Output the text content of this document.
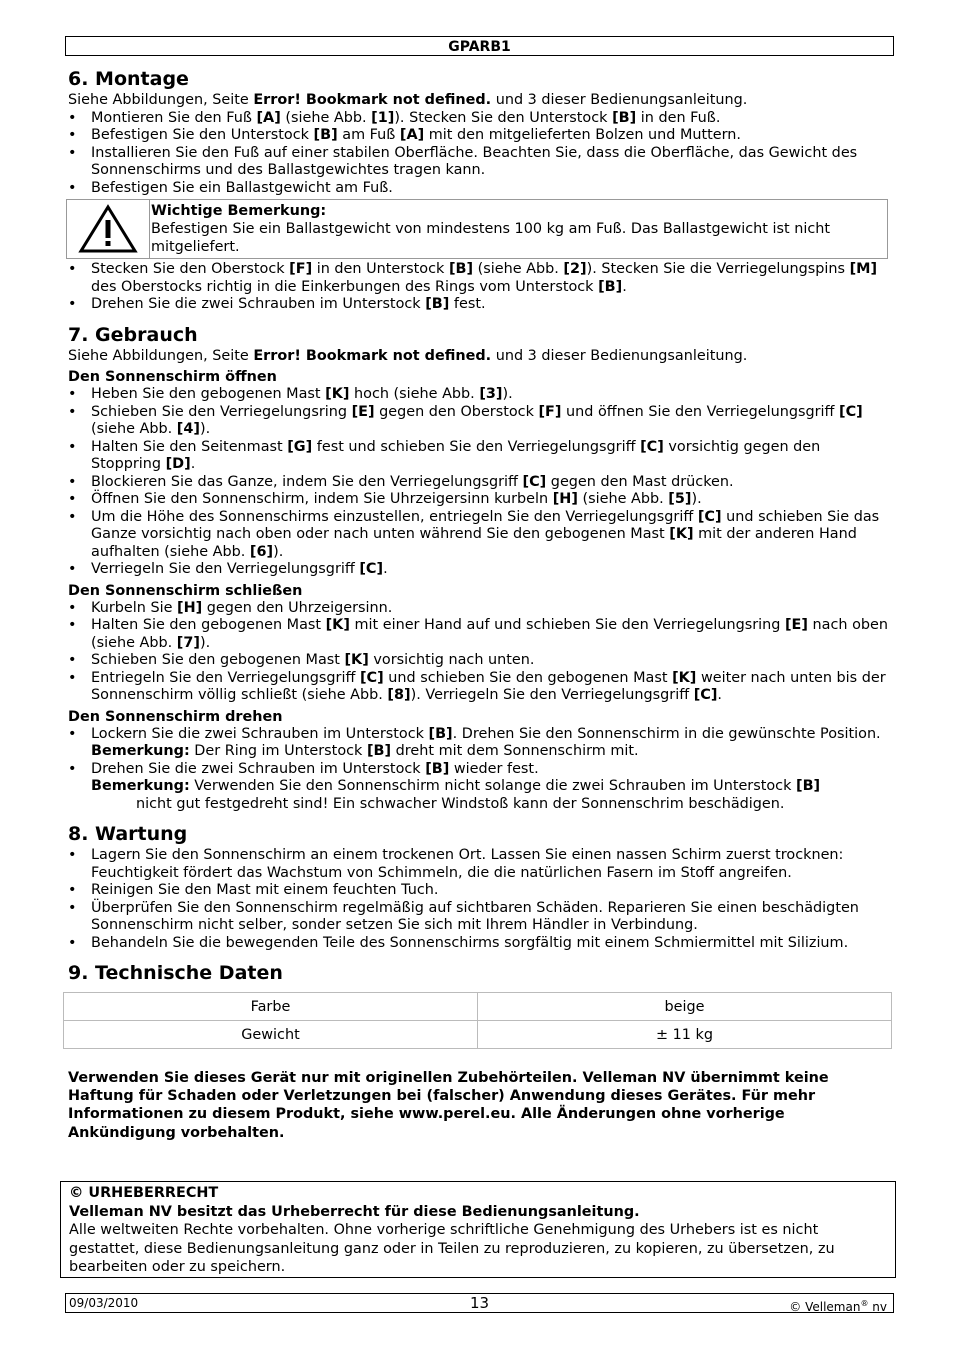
GPARB1
6. Montage

Siehe Abbildungen, Seite Error! Bookmark not defined. und 3 dieser Bedienungsanleitung.

• Montieren Sie den Fuß [A] (siehe Abb. [1]). Stecken Sie den Unterstock [B] in den Fuß.
• Befestigen Sie den Unterstock [B] am Fuß [A] mit den mitgelieferten Bolzen und Muttern.
• Installieren Sie den Fuß auf einer stabilen Oberfläche. Beachten Sie, dass die Oberfläche, das Gewicht des Sonnenschirms und des Ballastgewichtes tragen kann.
• Befestigen Sie ein Ballastgewicht am Fuß.

Wichtige Bemerkung:

Befestigen Sie ein Ballastgewicht von mindestens 100 kg am Fuß. Das Ballastgewicht ist nicht mitgeliefert.

• Stecken Sie den Oberstock [F] in den Unterstock [B] (siehe Abb. [2]). Stecken Sie die Verriegelungspins [M] des Oberstocks richtig in die Einkerbungen des Rings vom Unterstock [B].
• Drehen Sie die zwei Schrauben im Unterstock [B] fest.
7. Gebrauch

Siehe Abbildungen, Seite Error! Bookmark not defined. und 3 dieser Bedienungsanleitung.

Den Sonnenschirm öffnen

• Heben Sie den gebogenen Mast [K] hoch (siehe Abb. [3]).
• Schieben Sie den Verriegelungsring [E] gegen den Oberstock [F] und öffnen Sie den Verriegelungsgriff [C] (siehe Abb. [4]).
• Halten Sie den Seitenmast [G] fest und schieben Sie den Verriegelungsgriff [C] vorsichtig gegen den Stoppring [D].
• Blockieren Sie das Ganze, indem Sie den Verriegelungsgriff [C] gegen den Mast drücken.
• Öffnen Sie den Sonnenschirm, indem Sie Uhrzeigersinn kurbeln [H] (siehe Abb. [5]).
• Um die Höhe des Sonnenschirms einzustellen, entriegeln Sie den Verriegelungsgriff [C] und schieben Sie das Ganze vorsichtig nach oben oder nach unten während Sie den gebogenen Mast [K] mit der anderen Hand aufhalten (siehe Abb. [6]).
• Verriegeln Sie den Verriegelungsgriff [C].

Den Sonnenschirm schließen

• Kurbeln Sie [H] gegen den Uhrzeigersinn.
• Halten Sie den gebogenen Mast [K] mit einer Hand auf und schieben Sie den Verriegelungsring [E] nach oben (siehe Abb. [7]).
• Schieben Sie den gebogenen Mast [K] vorsichtig nach unten.
• Entriegeln Sie den Verriegelungsgriff [C] und schieben Sie den gebogenen Mast [K] weiter nach unten bis der Sonnenschirm völlig schließt (siehe Abb. [8]). Verriegeln Sie den Verriegelungsgriff [C].

Den Sonnenschirm drehen

• Lockern Sie die zwei Schrauben im Unterstock [B]. Drehen Sie den Sonnenschirm in die gewünschte Position.

Bemerkung: Der Ring im Unterstock [B] dreht mit dem Sonnenschirm mit.

• Drehen Sie die zwei Schrauben im Unterstock [B] wieder fest.
Bemerkung: Verwenden Sie den Sonnenschirm nicht solange die zwei Schrauben im Unterstock [B]
nicht gut festgedreht sind! Ein schwacher Windstoß kann der Sonnenschrim beschädigen.
8. Wartung
• Lagern Sie den Sonnenschirm an einem trockenen Ort. Lassen Sie einen nassen Schirm zuerst trocknen: Feuchtigkeit fördert das Wachstum von Schimmeln, die die natürlichen Fasern im Stoff angreifen.
• Reinigen Sie den Mast mit einem feuchten Tuch.
• Überprüfen Sie den Sonnenschirm regelmäßig auf sichtbaren Schäden. Reparieren Sie einen beschädigten Sonnenschirm nicht selber, sonder setzen Sie sich mit Ihrem Händler in Verbindung.
• Behandeln Sie die bewegenden Teile des Sonnenschirms sorgfältig mit einem Schmiermittel mit Silizium.
9. Technische Daten
Farbe	beige
Gewicht	± 11 kg

Verwenden Sie dieses Gerät nur mit originellen Zubehörteilen. Velleman NV übernimmt keine Haftung für Schaden oder Verletzungen bei (falscher) Anwendung dieses Gerätes. Für mehr Informationen zu diesem Produkt, siehe www.perel.eu. Alle Änderungen ohne vorherige Ankündigung vorbehalten.

© URHEBERRECHT

Velleman NV besitzt das Urheberrecht für diese Bedienungsanleitung.

Alle weltweiten Rechte vorbehalten. Ohne vorherige schriftliche Genehmigung des Urhebers ist es nicht gestattet, diese Bedienungsanleitung ganz oder in Teilen zu reproduzieren, zu kopieren, zu übersetzen, zu bearbeiten oder zu speichern.

09/03/2010	13	© Velleman® nv
